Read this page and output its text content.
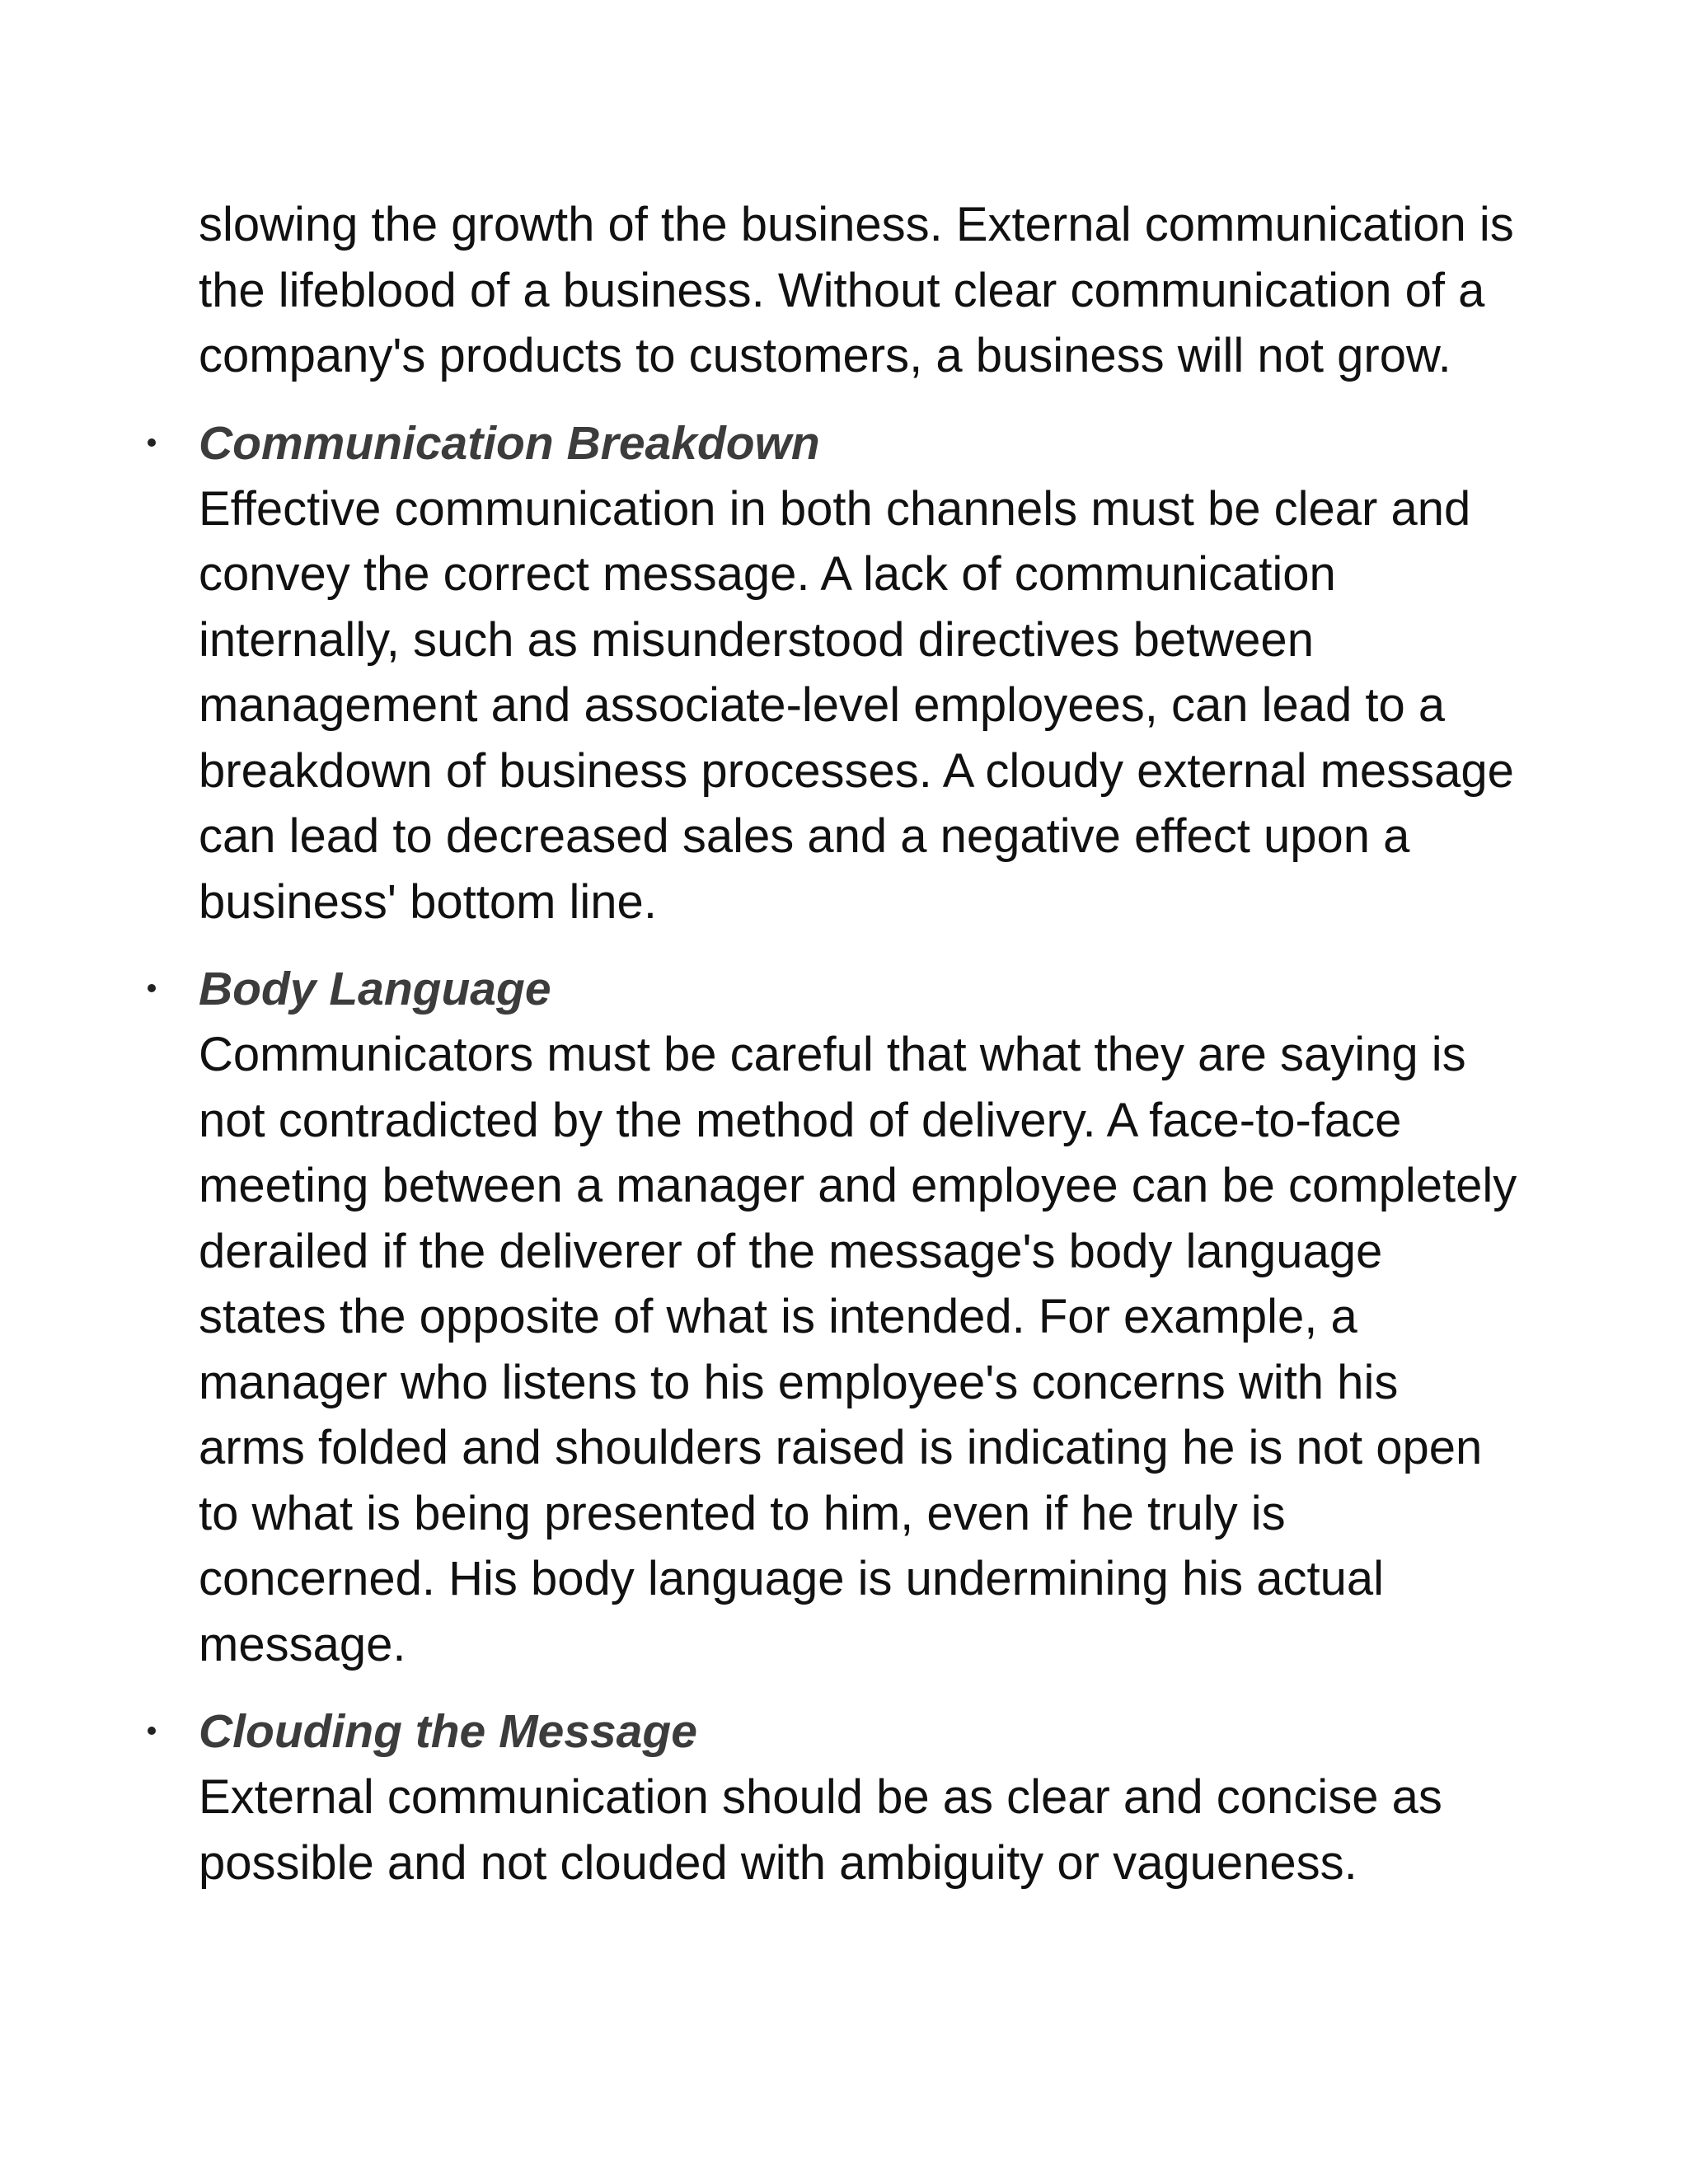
slowing the growth of the business. External communication is the lifeblood of a business. Without clear communication of a company's products to customers, a business will not grow.

Communication Breakdown

Effective communication in both channels must be clear and convey the correct message. A lack of communication internally, such as misunderstood directives between management and associate-level employees, can lead to a breakdown of business processes. A cloudy external message can lead to decreased sales and a negative effect upon a business' bottom line.

Body Language

Communicators must be careful that what they are saying is not contradicted by the method of delivery. A face-to-face meeting between a manager and employee can be completely derailed if the deliverer of the message's body language states the opposite of what is intended. For example, a manager who listens to his employee's concerns with his arms folded and shoulders raised is indicating he is not open to what is being presented to him, even if he truly is concerned. His body language is undermining his actual message.

Clouding the Message

External communication should be as clear and concise as possible and not clouded with ambiguity or vagueness.
